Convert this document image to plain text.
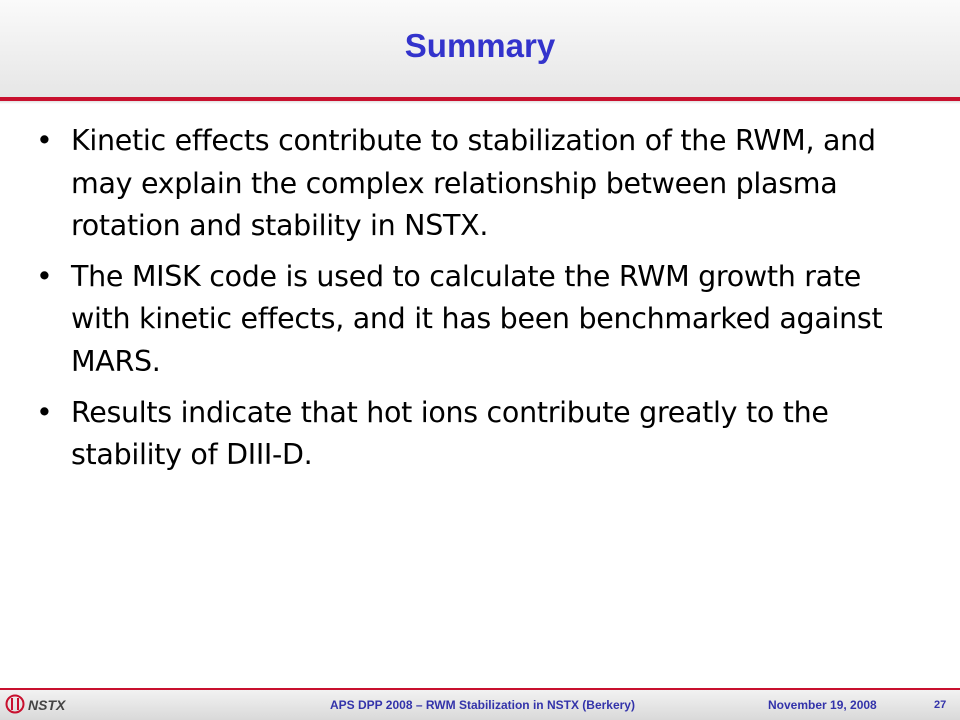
Summary
• Kinetic effects contribute to stabilization of the RWM, and may explain the complex relationship between plasma rotation and stability in NSTX.
• The MISK code is used to calculate the RWM growth rate with kinetic effects, and it has been benchmarked against MARS.
• Results indicate that hot ions contribute greatly to the stability of DIII-D.
NSTX	APS DPP 2008 – RWM Stabilization in NSTX (Berkery)	November 19, 2008	27
